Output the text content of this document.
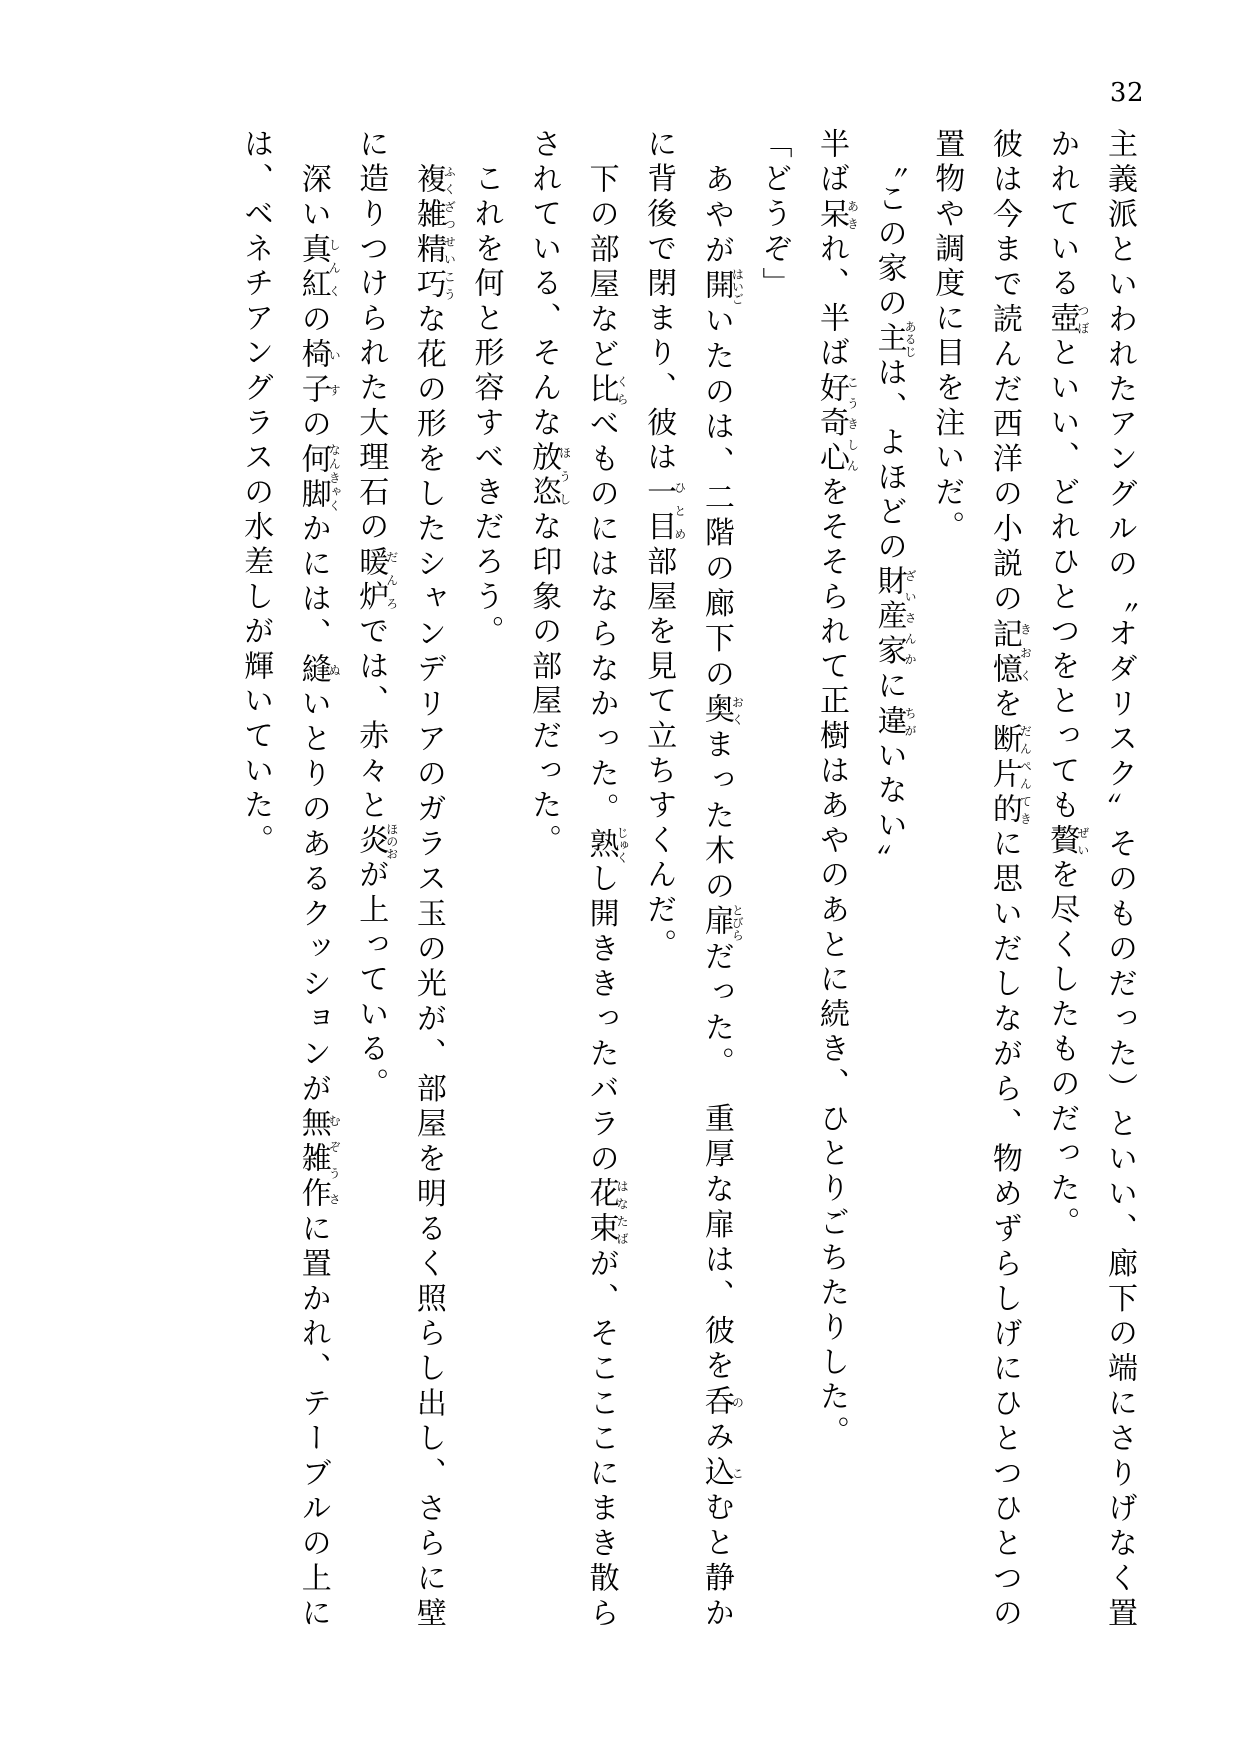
32

主義派といわれたアングルの〝オダリスク〟そのものだった）といい、廊下の端にさりげなく置かれている壺つぼといい、どれひとつをとっても贅ぜいを尽くしたものだった。

彼は今まで読んだ西洋の小説の記憶きおくを断片的だんぺんてきに思いだしながら、物めずらしげにひとつひとつの置物や調度に目を注いだ。

　〝この家の主あるじは、よほどの財産家ざいさんかに違ちがいない〟

半ば呆あきれ、半ば好奇心こうきしんをそそられて正樹はあやのあとに続き、ひとりごちたりした。

「どうぞ」

　あやが開はいごいたのは、二階の廊下の奥おくまった木の扉とびらだった。　重厚な扉は、彼を呑のみ込こむと静かに背後で閉まり、彼は一目ひとめ部屋を見て立ちすくんだ。

　下の部屋など比くらべものにはならなかった。熟じゅくし開ききったバラの花束はなたばが、そこここにまき散らされている、そんな放恣ほうしな印象の部屋だった。

　これを何と形容すべきだろう。

　複雑精巧ふくざつせいこうな花の形をしたシャンデリアのガラス玉の光が、部屋を明るく照らし出し、さらに壁に造りつけられた大理石の暖炉だんろでは、赤々と炎ほのおが上っている。

　深い真紅しんくの椅子いすの何脚なんきゃくかには、縫ぬいとりのあるクッションが無雑作むぞうさに置かれ、テーブルの上には、ベネチアングラスの水差しが輝いていた。
